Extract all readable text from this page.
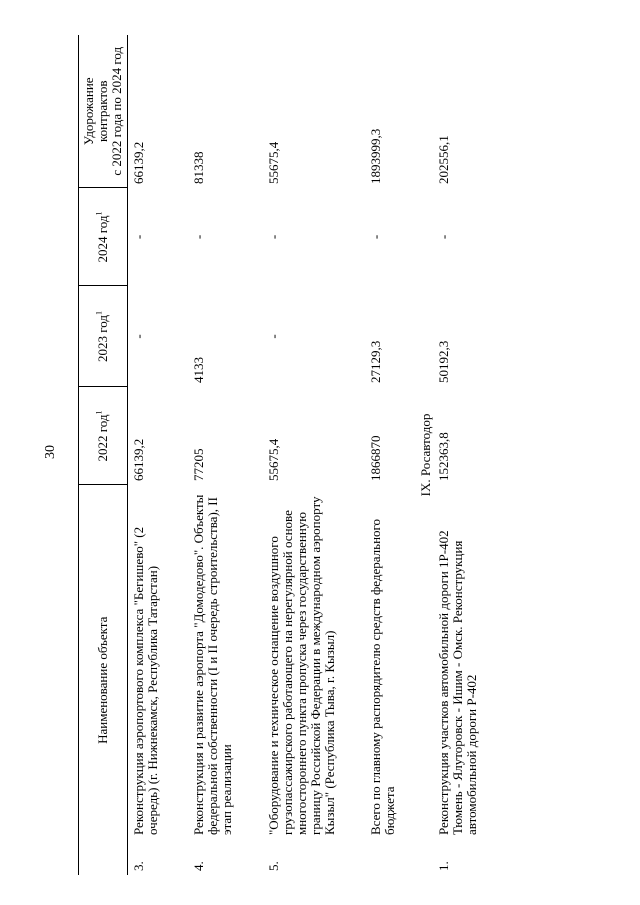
30
Наименование объекта		2022 год$^1$	2023 год$^1$	2024 год$^1$	Удорожание
контрактов
с 2022 года по 2024 год
3.	Реконструкция аэропортового комплекса "Бегишево" (2 очередь) (г. Нижнекамск, Республика Татарстан)	66139,2	-	-	66139,2
4.	Реконструкция и развитие аэропорта "Домодедово". Объекты федеральной собственности (I и II очередь строительства), II этап реализации	77205	4133	-	81338
5.	"Оборудование и техническое оснащение воздушного грузопассажирского работающего на нерегулярной основе многостороннего пункта пропуска через государственную границу Российской Федерации в международном аэропорту Кызыл" (Республика Тыва, г. Кызыл)	55675,4	-	-	55675,4
	Всего по главному распорядителю средств федерального бюджета	1866870	27129,3	-	1893999,3
IX. Росавтодор					
1.	Реконструкция участков автомобильной дороги 1Р-402 Тюмень - Ялуторовск - Ишим - Омск. Реконструкция автомобильной дороги Р-402	152363,8	50192,3	-	202556,1
